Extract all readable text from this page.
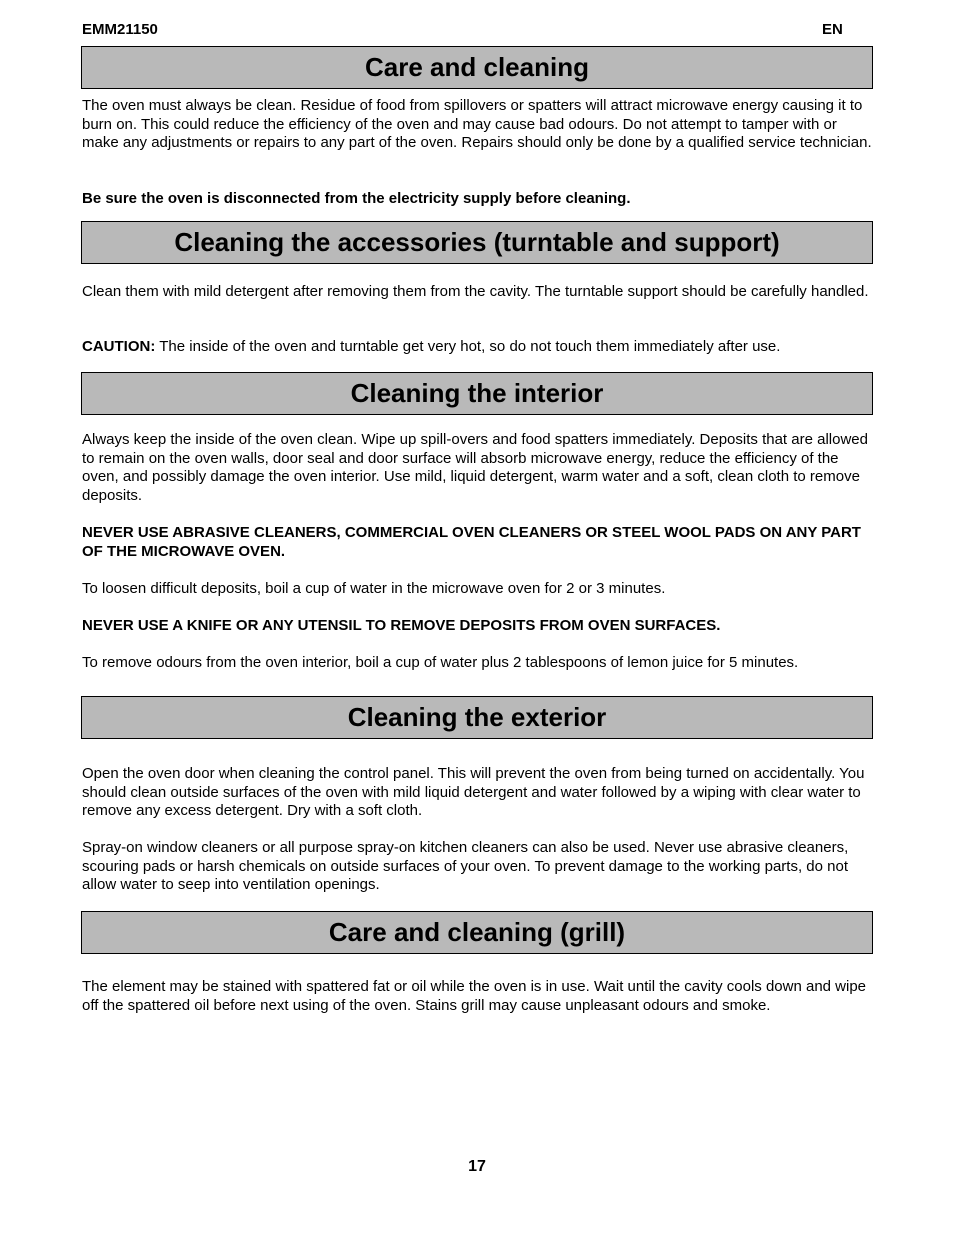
EMM21150	EN
Care and cleaning

The oven must always be clean. Residue of food from spillovers or spatters will attract microwave energy causing it to burn on. This could reduce the efficiency of the oven and may cause bad odours. Do not attempt to tamper with or make any adjustments or repairs to any part of the oven. Repairs should only be done by a qualified service technician.

Be sure the oven is disconnected from the electricity supply before cleaning.

Cleaning the accessories (turntable and support)

Clean them with mild detergent after removing them from the cavity. The turntable support should be carefully handled.

CAUTION: The inside of the oven and turntable get very hot, so do not touch them immediately after use.

Cleaning the interior

Always keep the inside of the oven clean. Wipe up spill-overs and food spatters immediately. Deposits that are allowed to remain on the oven walls, door seal and door surface will absorb microwave energy, reduce the efficiency of the oven, and possibly damage the oven interior. Use mild, liquid detergent, warm water and a soft, clean cloth to remove deposits.

NEVER USE ABRASIVE CLEANERS, COMMERCIAL OVEN CLEANERS OR STEEL WOOL PADS ON ANY PART OF THE MICROWAVE OVEN.

To loosen difficult deposits, boil a cup of water in the microwave oven for 2 or 3 minutes.

NEVER USE A KNIFE OR ANY UTENSIL TO REMOVE DEPOSITS FROM OVEN SURFACES.

To remove odours from the oven interior, boil a cup of water plus 2 tablespoons of lemon juice for 5 minutes.

Cleaning the exterior

Open the oven door when cleaning the control panel. This will prevent the oven from being turned on accidentally. You should clean outside surfaces of the oven with mild liquid detergent and water followed by a wiping with clear water to remove any excess detergent. Dry with a soft cloth.

Spray-on window cleaners or all purpose spray-on kitchen cleaners can also be used. Never use abrasive cleaners, scouring pads or harsh chemicals on outside surfaces of your oven. To prevent damage to the working parts, do not allow water to seep into ventilation openings.

Care and cleaning (grill)

The element may be stained with spattered fat or oil while the oven is in use. Wait until the cavity cools down and wipe off the spattered oil before next using of the oven. Stains grill may cause unpleasant odours and smoke.

17
